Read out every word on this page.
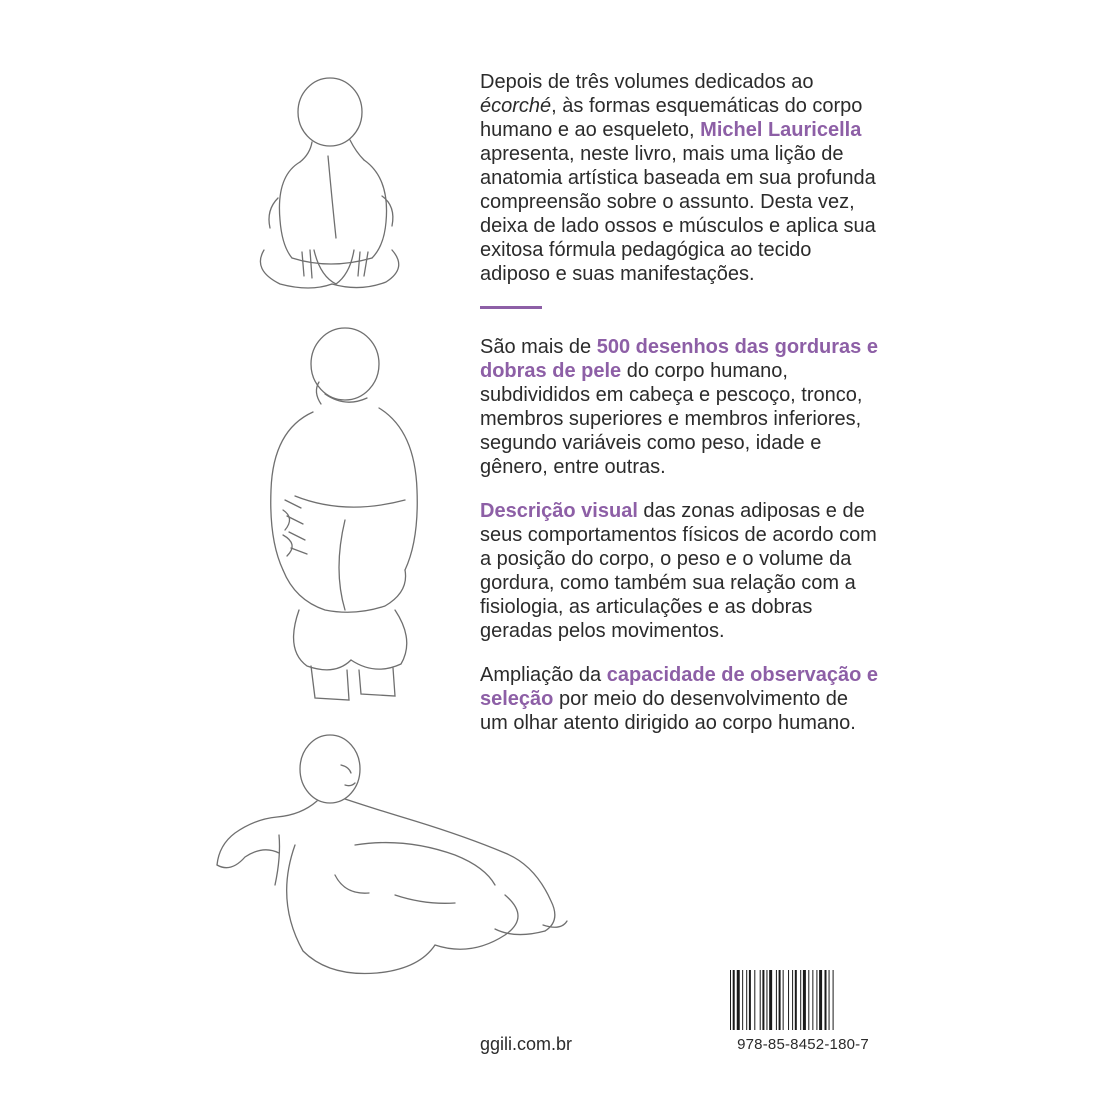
Depois de três volumes dedicados ao écorché, às formas esquemáticas do corpo humano e ao esqueleto, Michel Lauricella apresenta, neste livro, mais uma lição de anatomia artística baseada em sua profunda compreensão sobre o assunto. Desta vez, deixa de lado ossos e músculos e aplica sua exitosa fórmula pedagógica ao tecido adiposo e suas manifestações.

São mais de 500 desenhos das gorduras e dobras de pele do corpo humano, subdivididos em cabeça e pescoço, tronco, membros superiores e membros inferiores, segundo variáveis como peso, idade e gênero, entre outras.

Descrição visual das zonas adiposas e de seus comportamentos físicos de acordo com a posição do corpo, o peso e o volume da gordura, como também sua relação com a fisiologia, as articulações e as dobras geradas pelos movimentos.

Ampliação da capacidade de observação e seleção por meio do desenvolvimento de um olhar atento dirigido ao corpo humano.

ggili.com.br	978-85-8452-180-7
